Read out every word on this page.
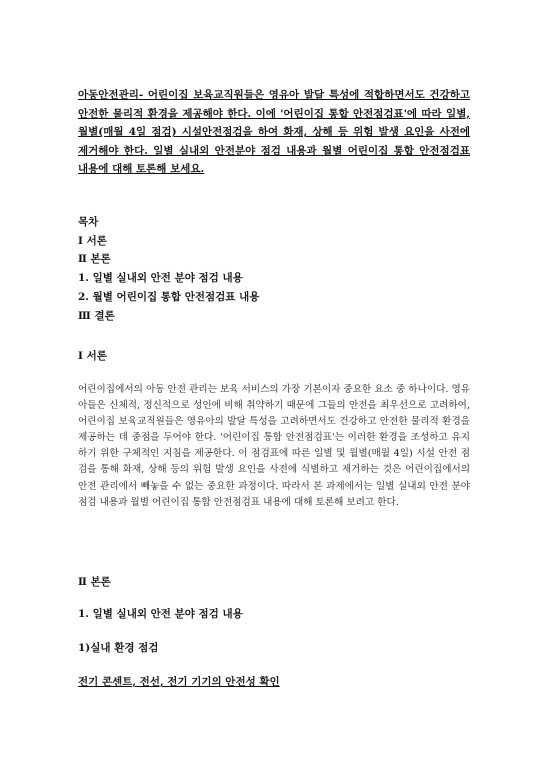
아동안전관리- 어린이집 보육교직원들은 영유아 발달 특성에 적합하면서도 건강하고 안전한 물리적 환경을 제공해야 한다. 이에 '어린이집 통합 안전점검표'에 따라 일별, 월별(매월 4일 점검) 시설안전점검을 하여 화재, 상해 등 위험 발생 요인을 사전에 제거해야 한다. 일별 실내외 안전분야 점검 내용과 월별 어린이집 통합 안전점검표 내용에 대해 토론해 보세요.
목차
Ⅰ 서론
Ⅱ 본론
1. 일별 실내외 안전 분야 점검 내용
2. 월별 어린이집 통합 안전점검표 내용
Ⅲ 결론
Ⅰ 서론
어린이집에서의 아동 안전 관리는 보육 서비스의 가장 기본이자 중요한 요소 중 하나이다. 영유아들은 신체적, 정신적으로 성인에 비해 취약하기 때문에 그들의 안전을 최우선으로 고려하여, 어린이집 보육교직원들은 영유아의 발달 특성을 고려하면서도 건강하고 안전한 물리적 환경을 제공하는 데 중점을 두어야 한다. '어린이집 통합 안전점검표'는 이러한 환경을 조성하고 유지하기 위한 구체적인 지침을 제공한다. 이 점검표에 따른 일별 및 월별(매월 4일) 시설 안전 점검을 통해 화재, 상해 등의 위험 발생 요인을 사전에 식별하고 제거하는 것은 어린이집에서의 안전 관리에서 빼놓을 수 없는 중요한 과정이다. 따라서 본 과제에서는 일별 실내외 안전 분야 점검 내용과 월별 어린이집 통합 안전점검표 내용에 대해 토론해 보려고 한다.
Ⅱ 본론
1. 일별 실내외 안전 분야 점검 내용
1)실내 환경 점검
전기 콘센트, 전선, 전기 기기의 안전성 확인
